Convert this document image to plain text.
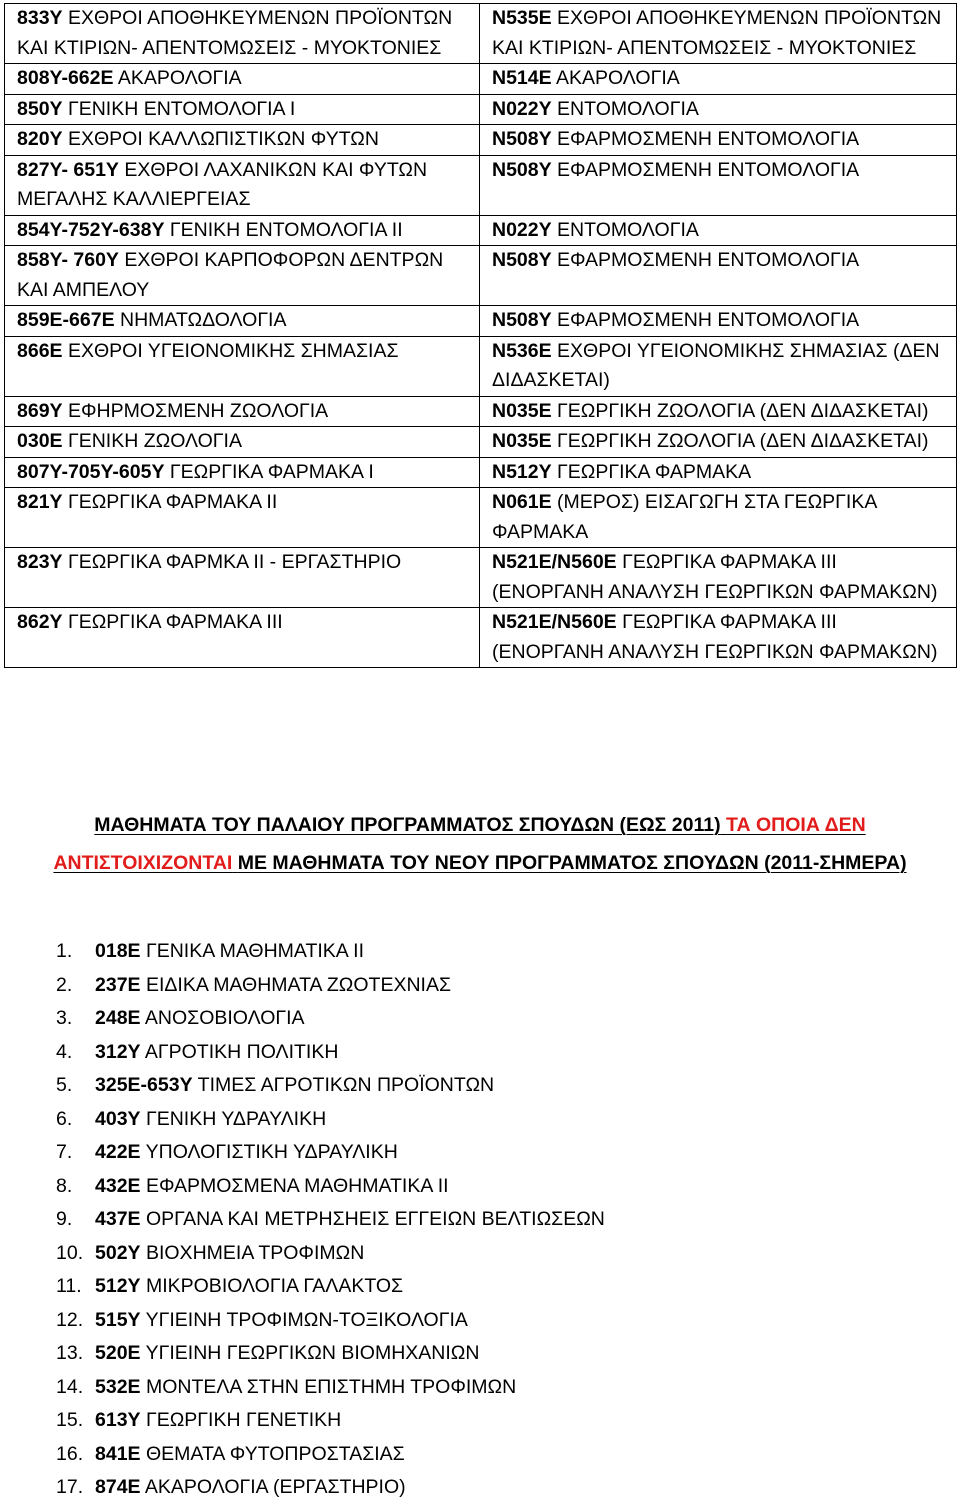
833Υ ΕΧΘΡΟΙ ΑΠΟΘΗΚΕΥΜΕΝΩΝ ΠΡΟΪΟΝΤΩΝ ΚΑΙ ΚΤΙΡΙΩΝ- ΑΠΕΝΤΟΜΩΣΕΙΣ - ΜΥΟΚΤΟΝΙΕΣ	Ν535Ε ΕΧΘΡΟΙ ΑΠΟΘΗΚΕΥΜΕΝΩΝ ΠΡΟΪΟΝΤΩΝ ΚΑΙ ΚΤΙΡΙΩΝ- ΑΠΕΝΤΟΜΩΣΕΙΣ - ΜΥΟΚΤΟΝΙΕΣ
808Υ-662Ε ΑΚΑΡΟΛΟΓΙΑ	Ν514Ε ΑΚΑΡΟΛΟΓΙΑ
850Υ ΓΕΝΙΚΗ ΕΝΤΟΜΟΛΟΓΙΑ Ι	Ν022Υ ΕΝΤΟΜΟΛΟΓΙΑ
820Υ ΕΧΘΡΟΙ ΚΑΛΛΩΠΙΣΤΙΚΩΝ ΦΥΤΩΝ	Ν508Υ ΕΦΑΡΜΟΣΜΕΝΗ ΕΝΤΟΜΟΛΟΓΙΑ
827Υ- 651Υ ΕΧΘΡΟΙ ΛΑΧΑΝΙΚΩΝ ΚΑΙ ΦΥΤΩΝ ΜΕΓΑΛΗΣ ΚΑΛΛΙΕΡΓΕΙΑΣ	Ν508Υ ΕΦΑΡΜΟΣΜΕΝΗ ΕΝΤΟΜΟΛΟΓΙΑ
854Υ-752Υ-638Υ ΓΕΝΙΚΗ ΕΝΤΟΜΟΛΟΓΙΑ ΙΙ	Ν022Υ ΕΝΤΟΜΟΛΟΓΙΑ
858Υ- 760Υ ΕΧΘΡΟΙ ΚΑΡΠΟΦΟΡΩΝ ΔΕΝΤΡΩΝ ΚΑΙ ΑΜΠΕΛΟΥ	Ν508Υ ΕΦΑΡΜΟΣΜΕΝΗ ΕΝΤΟΜΟΛΟΓΙΑ
859Ε-667Ε ΝΗΜΑΤΩΔΟΛΟΓΙΑ	Ν508Υ ΕΦΑΡΜΟΣΜΕΝΗ ΕΝΤΟΜΟΛΟΓΙΑ
866Ε ΕΧΘΡΟΙ ΥΓΕΙΟΝΟΜΙΚΗΣ ΣΗΜΑΣΙΑΣ	Ν536Ε ΕΧΘΡΟΙ ΥΓΕΙΟΝΟΜΙΚΗΣ ΣΗΜΑΣΙΑΣ (ΔΕΝ ΔΙΔΑΣΚΕΤΑΙ)
869Υ ΕΦΗΡΜΟΣΜΕΝΗ ΖΩΟΛΟΓΙΑ	Ν035Ε ΓΕΩΡΓΙΚΗ ΖΩΟΛΟΓΙΑ (ΔΕΝ ΔΙΔΑΣΚΕΤΑΙ)
030Ε ΓΕΝΙΚΗ ΖΩΟΛΟΓΙΑ	Ν035Ε ΓΕΩΡΓΙΚΗ ΖΩΟΛΟΓΙΑ (ΔΕΝ ΔΙΔΑΣΚΕΤΑΙ)
807Υ-705Υ-605Υ ΓΕΩΡΓΙΚΑ ΦΑΡΜΑΚΑ Ι	Ν512Υ ΓΕΩΡΓΙΚΑ ΦΑΡΜΑΚΑ
821Υ ΓΕΩΡΓΙΚΑ ΦΑΡΜΑΚΑ ΙΙ	Ν061Ε (ΜΕΡΟΣ) ΕΙΣΑΓΩΓΗ ΣΤΑ ΓΕΩΡΓΙΚΑ ΦΑΡΜΑΚΑ
823Υ ΓΕΩΡΓΙΚΑ ΦΑΡΜΚΑ ΙΙ - ΕΡΓΑΣΤΗΡΙΟ	Ν521Ε/Ν560Ε ΓΕΩΡΓΙΚΑ ΦΑΡΜΑΚΑ ΙΙΙ (ΕΝΟΡΓΑΝΗ ΑΝΑΛΥΣΗ ΓΕΩΡΓΙΚΩΝ ΦΑΡΜΑΚΩΝ)
862Υ ΓΕΩΡΓΙΚΑ ΦΑΡΜΑΚΑ ΙΙΙ	Ν521Ε/Ν560Ε ΓΕΩΡΓΙΚΑ ΦΑΡΜΑΚΑ ΙΙΙ (ΕΝΟΡΓΑΝΗ ΑΝΑΛΥΣΗ ΓΕΩΡΓΙΚΩΝ ΦΑΡΜΑΚΩΝ)
ΜΑΘΗΜΑΤΑ ΤΟΥ ΠΑΛΑΙΟΥ ΠΡΟΓΡΑΜΜΑΤΟΣ ΣΠΟΥΔΩΝ (ΕΩΣ 2011) ΤΑ ΟΠΟΙΑ ΔΕΝ ΑΝΤΙΣΤΟΙΧΙΖΟΝΤΑΙ ΜΕ ΜΑΘΗΜΑΤΑ ΤΟΥ ΝΕΟΥ ΠΡΟΓΡΑΜΜΑΤΟΣ ΣΠΟΥΔΩΝ (2011-ΣΗΜΕΡΑ)
1. 018Ε ΓΕΝΙΚΑ ΜΑΘΗΜΑΤΙΚΑ ΙΙ
2. 237Ε ΕΙΔΙΚΑ ΜΑΘΗΜΑΤΑ ΖΩΟΤΕΧΝΙΑΣ
3. 248Ε ΑΝΟΣΟΒΙΟΛΟΓΙΑ
4. 312Υ ΑΓΡΟΤΙΚΗ ΠΟΛΙΤΙΚΗ
5. 325Ε-653Υ ΤΙΜΕΣ ΑΓΡΟΤΙΚΩΝ ΠΡΟΪΟΝΤΩΝ
6. 403Υ ΓΕΝΙΚΗ ΥΔΡΑΥΛΙΚΗ
7. 422Ε ΥΠΟΛΟΓΙΣΤΙΚΗ ΥΔΡΑΥΛΙΚΗ
8. 432Ε ΕΦΑΡΜΟΣΜΕΝΑ ΜΑΘΗΜΑΤΙΚΑ ΙΙ
9. 437Ε ΟΡΓΑΝΑ ΚΑΙ ΜΕΤΡΗΣΗΕΙΣ ΕΓΓΕΙΩΝ ΒΕΛΤΙΩΣΕΩΝ
10. 502Υ ΒΙΟΧΗΜΕΙΑ ΤΡΟΦΙΜΩΝ
11. 512Υ ΜΙΚΡΟΒΙΟΛΟΓΙΑ ΓΑΛΑΚΤΟΣ
12. 515Υ ΥΓΙΕΙΝΗ ΤΡΟΦΙΜΩΝ-ΤΟΞΙΚΟΛΟΓΙΑ
13. 520Ε ΥΓΙΕΙΝΗ ΓΕΩΡΓΙΚΩΝ ΒΙΟΜΗΧΑΝΙΩΝ
14. 532Ε ΜΟΝΤΕΛΑ ΣΤΗΝ ΕΠΙΣΤΗΜΗ ΤΡΟΦΙΜΩΝ
15. 613Υ ΓΕΩΡΓΙΚΗ ΓΕΝΕΤΙΚΗ
16. 841Ε ΘΕΜΑΤΑ ΦΥΤΟΠΡΟΣΤΑΣΙΑΣ
17. 874Ε ΑΚΑΡΟΛΟΓΙΑ (ΕΡΓΑΣΤΗΡΙΟ)
